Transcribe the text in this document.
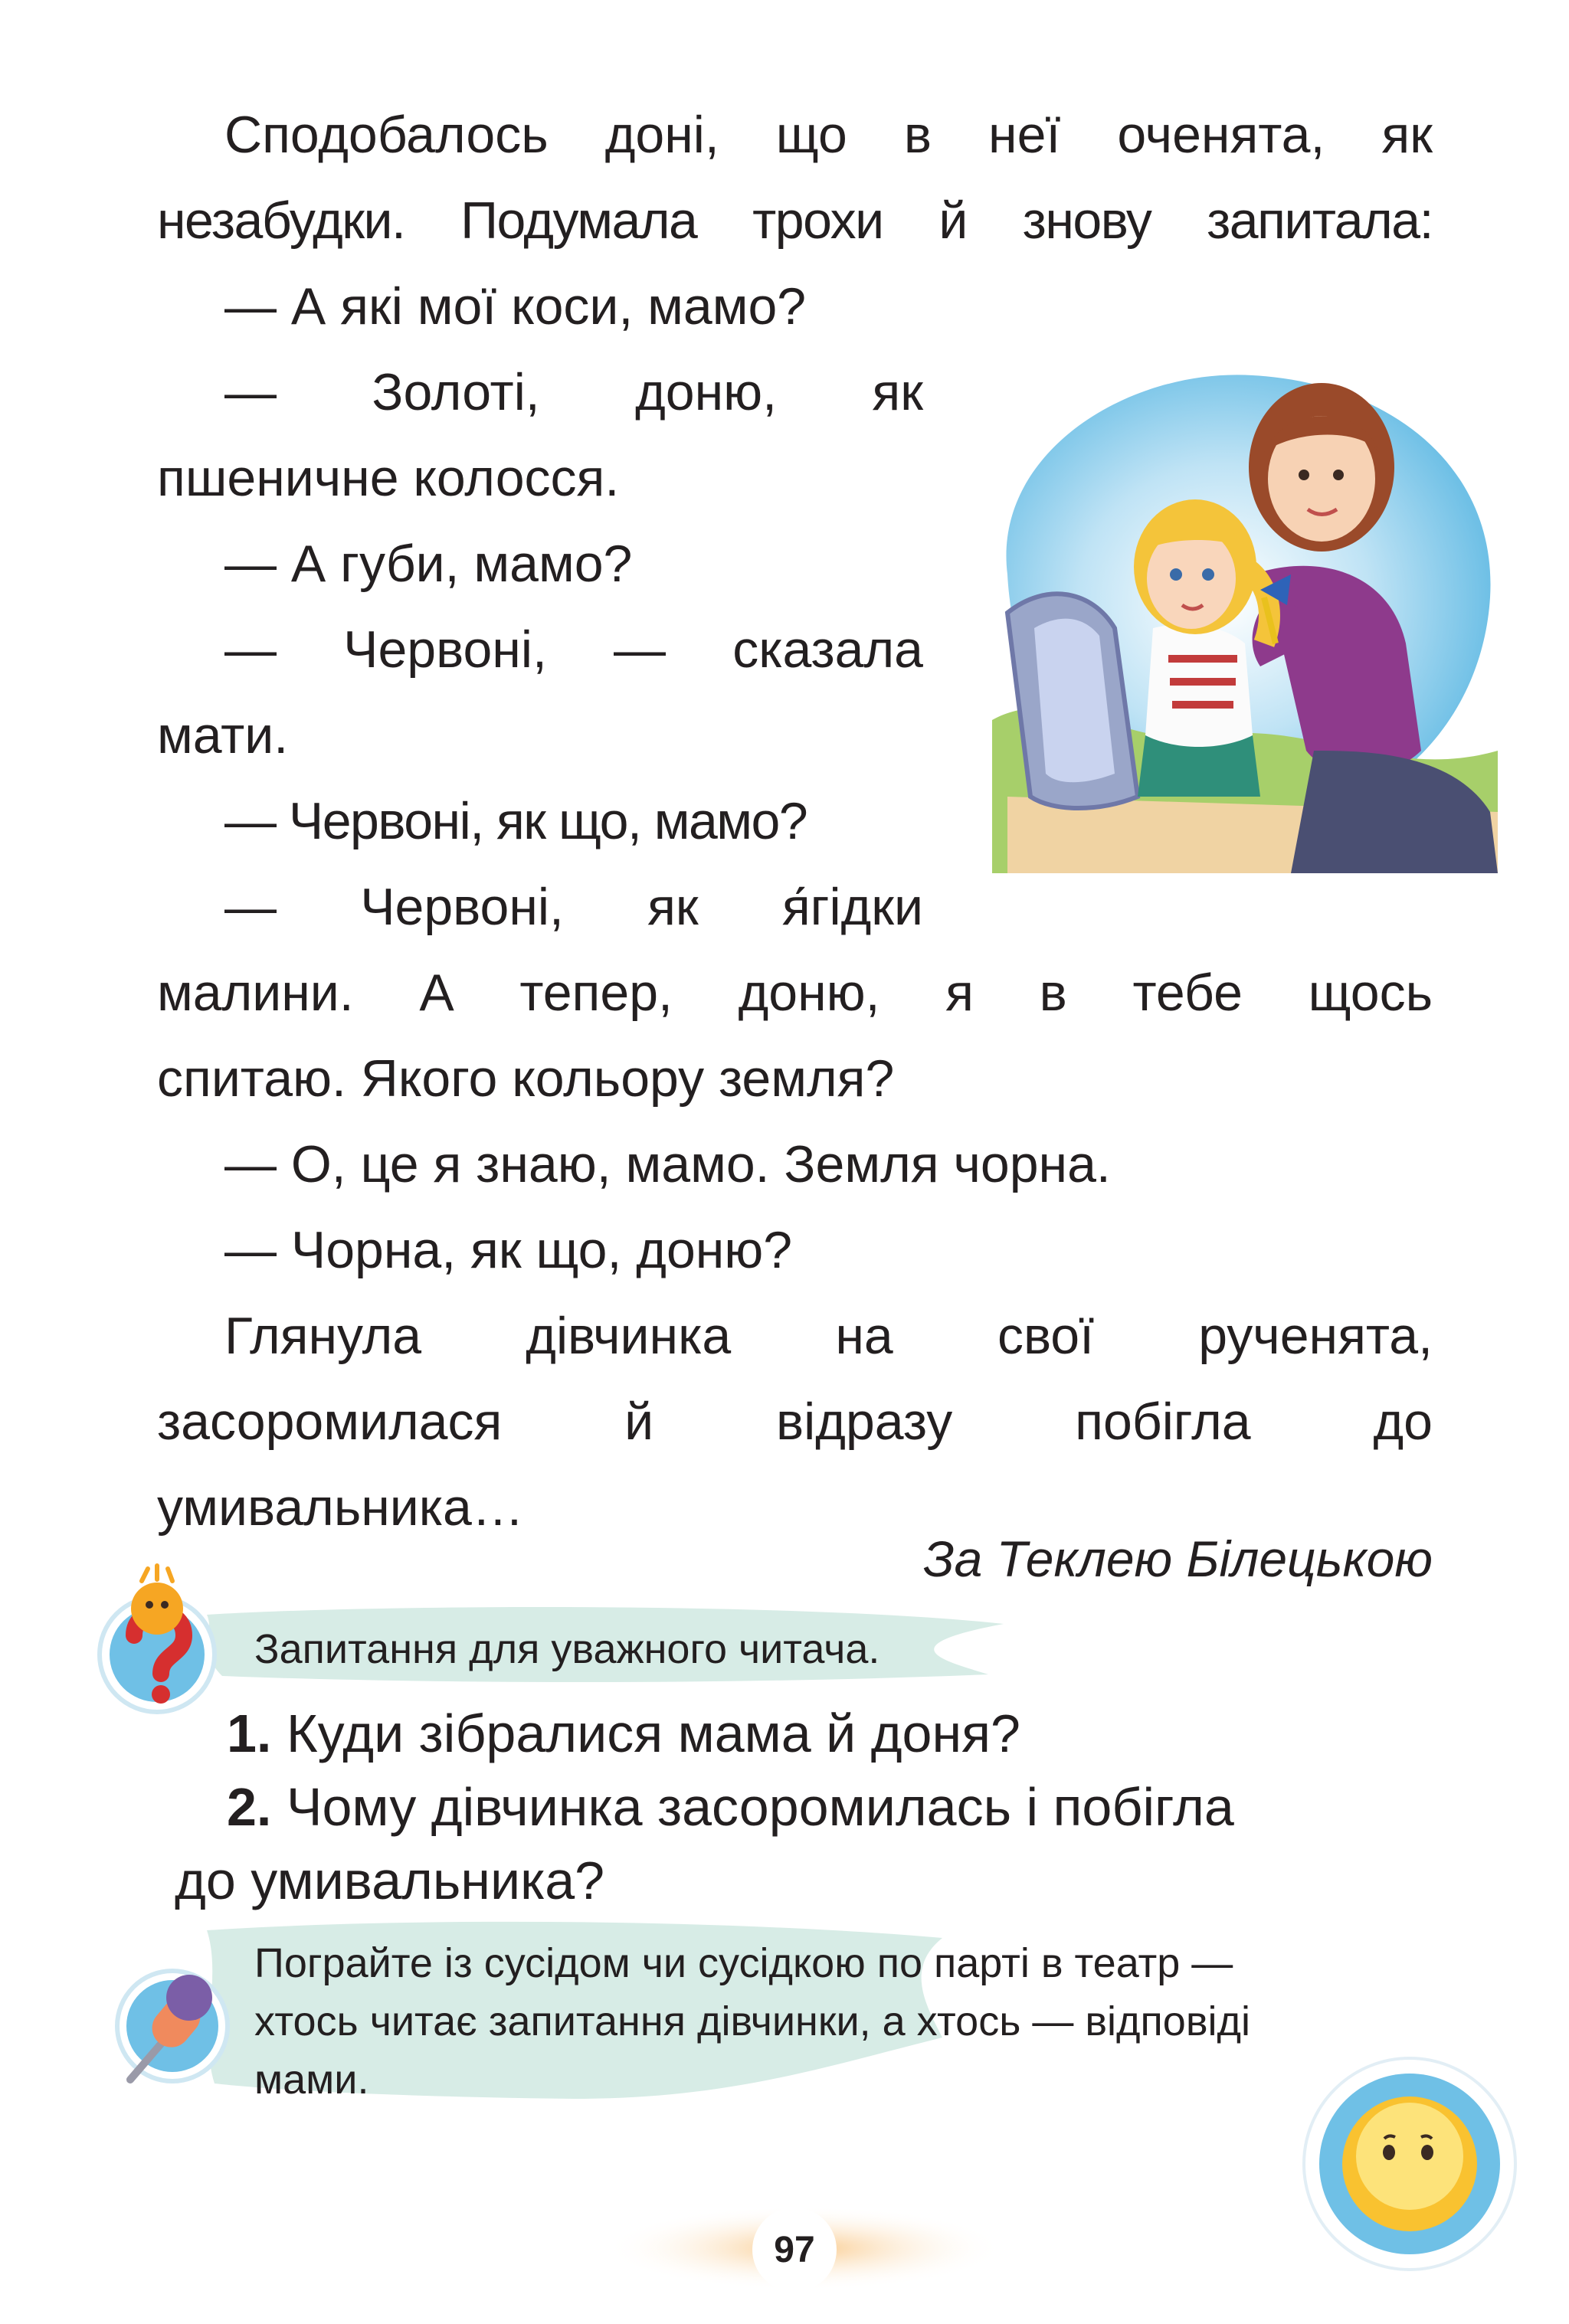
Сподобалось доні, що в неї оченята, як

незабудки. Подумала трохи й знову запитала:

— А які мої коси, мамо?

— Золоті, доню, як

пшеничне колосся.

— А губи, мамо?

— Червоні, — сказала

мати.

— Червоні, як що, мамо?

— Червоні, як я́гідки

малини. А тепер, доню, я в тебе щось

спитаю. Якого кольору земля?

— О, це я знаю, мамо. Земля чорна.

— Чорна, як що, доню?

Глянула дівчинка на свої рученята,

засоромилася й відразу побігла до

умивальника…

За Теклею Білецькою
Запитання для уважного читача.

1. Куди зібралися мама й доня?

2. Чому дівчинка засоромилась і побігла

до умивальника?

Пограйте із сусідом чи сусідкою по парті в театр —
хтось читає запитання дівчинки, а хтось — відповіді
мами.
97
